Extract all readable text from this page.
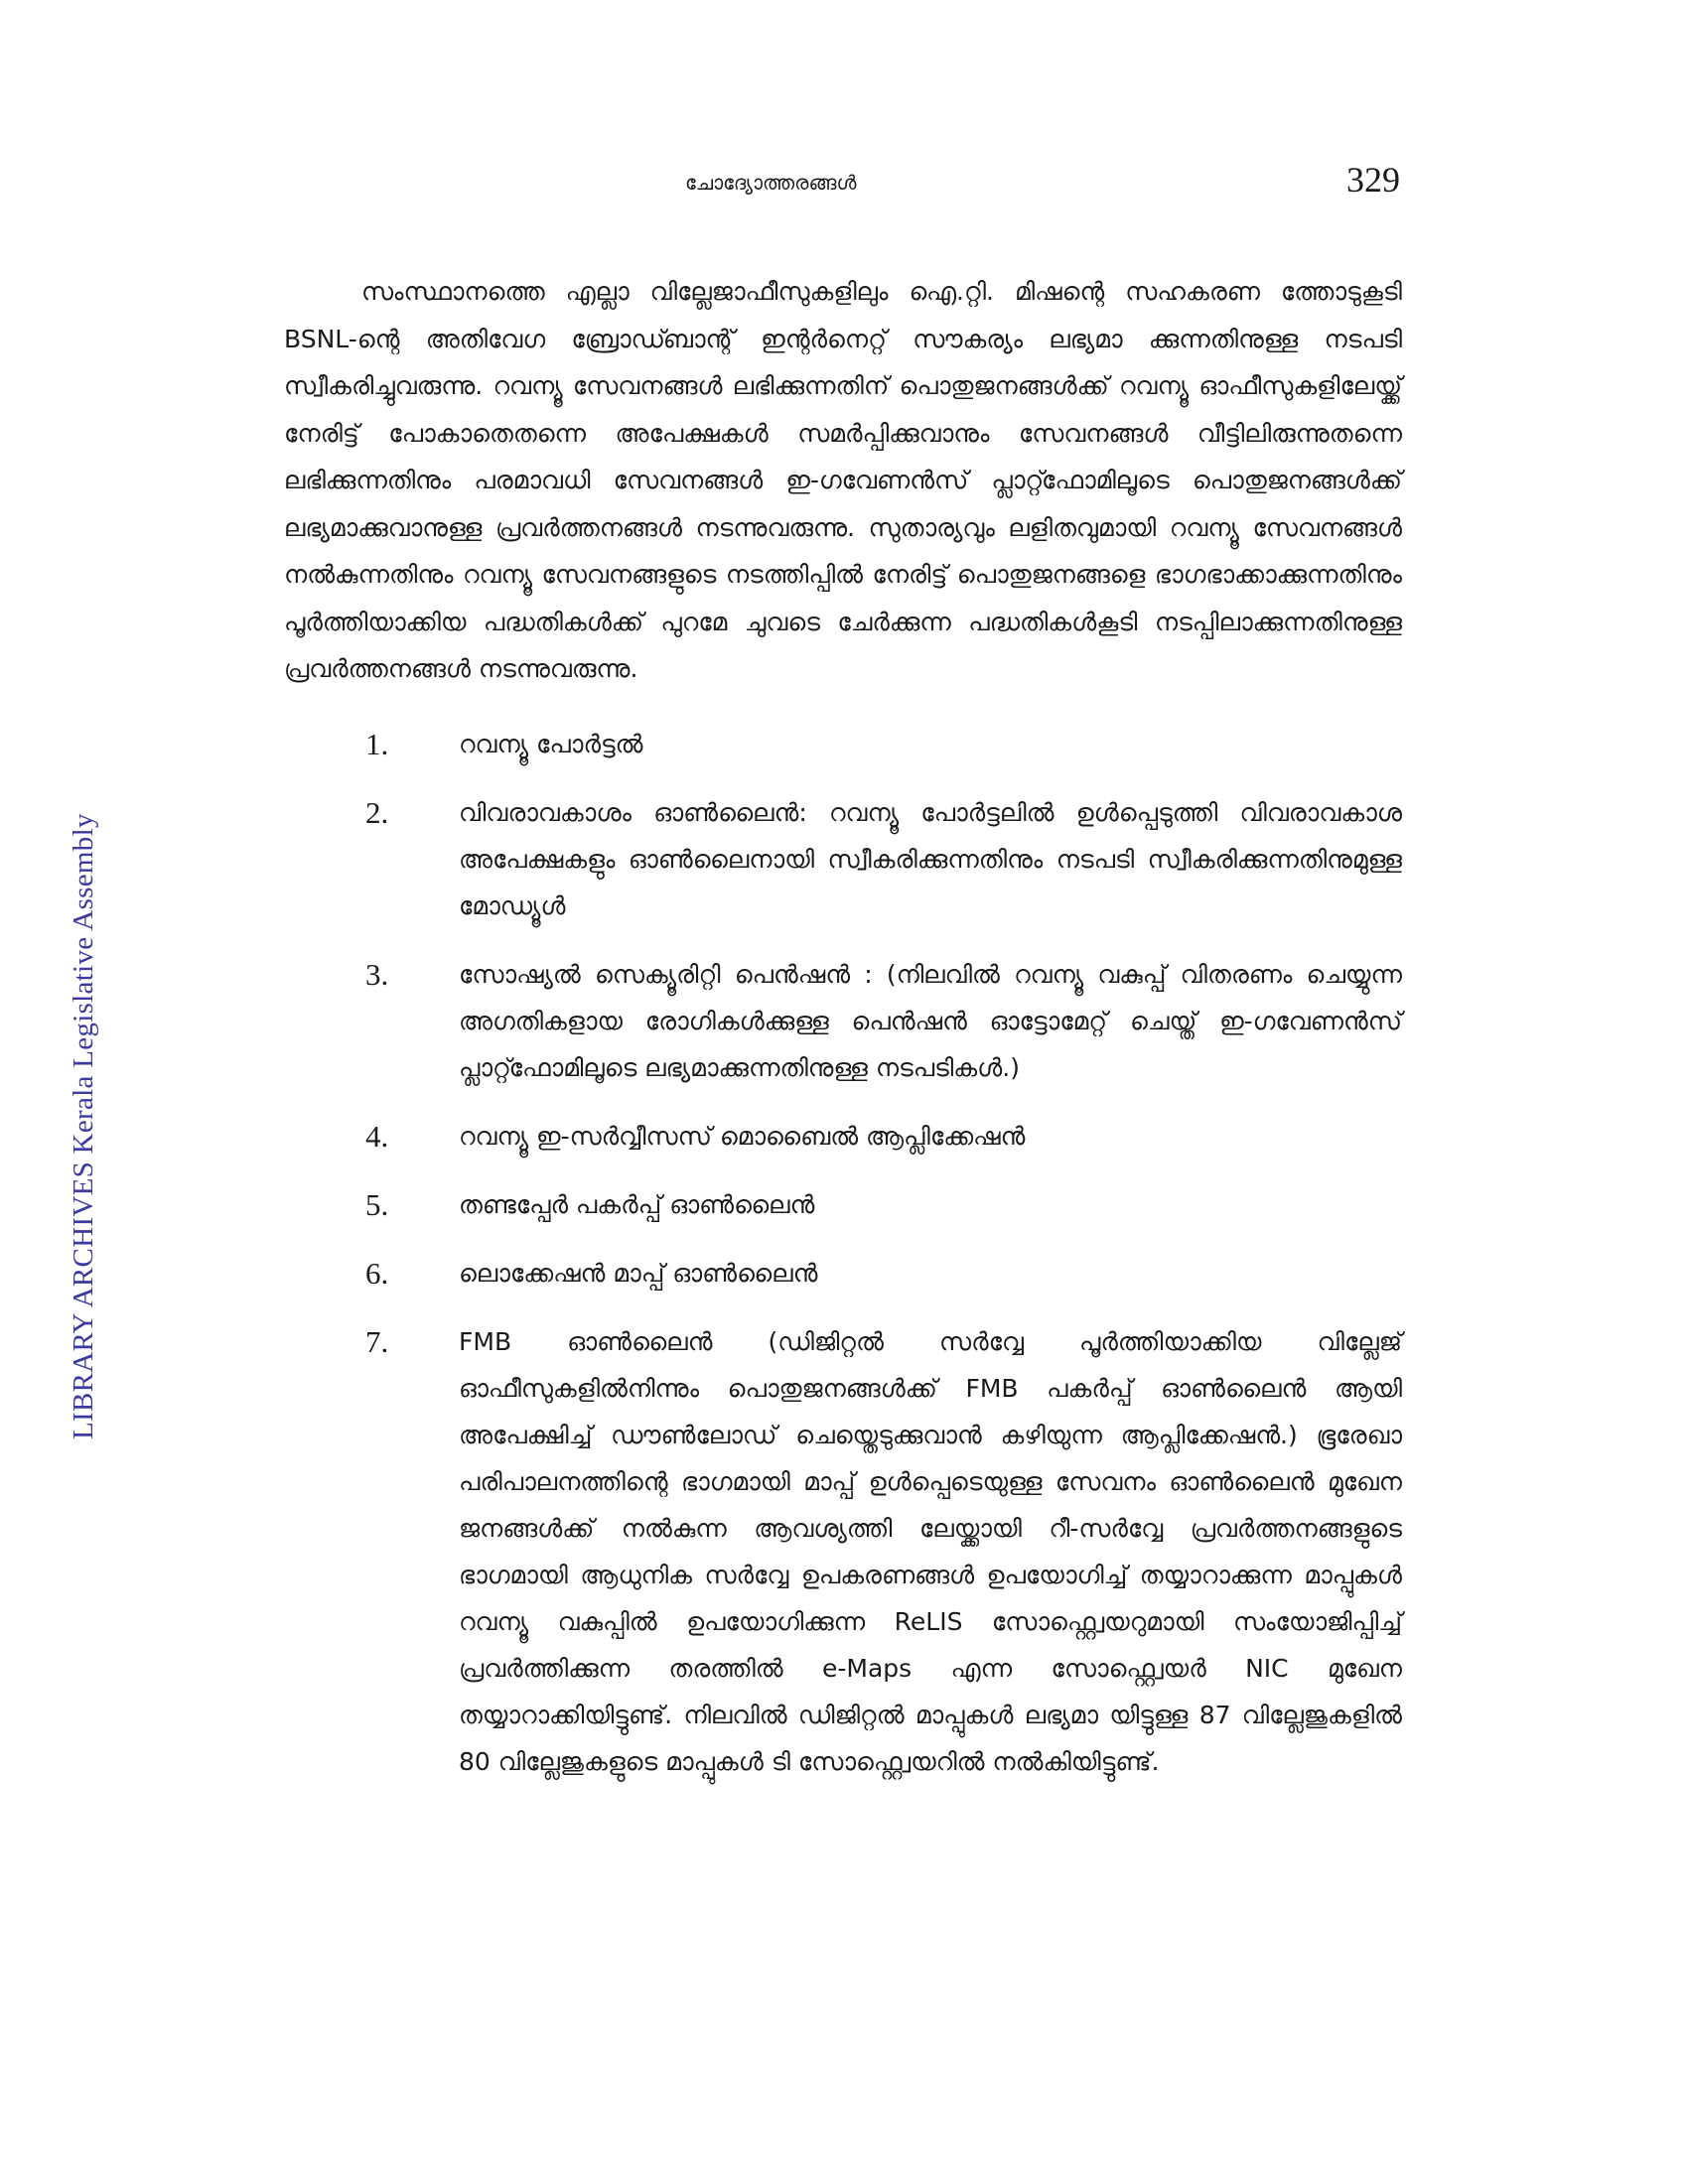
LIBRARY ARCHIVES Kerala Legislative Assembly
ചോദ്യോത്തരങ്ങൾ	329

സംസ്ഥാനത്തെ എല്ലാ വില്ലേജാഫീസുകളിലും ഐ.റ്റി. മിഷന്റെ സഹകരണ ത്തോടുകൂടി BSNL-ന്റെ അതിവേഗ ബ്രോഡ്ബാന്റ് ഇന്റർനെറ്റ് സൗകര്യം ലഭ്യമാ ക്കുന്നതിനുള്ള നടപടി സ്വീകരിച്ചുവരുന്നു. റവന്യൂ സേവനങ്ങൾ ലഭിക്കുന്നതിന് പൊതുജനങ്ങൾക്ക് റവന്യൂ ഓഫീസുകളിലേയ്ക്ക് നേരിട്ട് പോകാതെതന്നെ അപേക്ഷകൾ സമർപ്പിക്കുവാനും സേവനങ്ങൾ വീട്ടിലിരുന്നുതന്നെ ലഭിക്കുന്നതിനും പരമാവധി സേവനങ്ങൾ ഇ-ഗവേണൻസ് പ്ലാറ്റ്ഫോമിലൂടെ പൊതുജനങ്ങൾക്ക് ലഭ്യമാക്കുവാനുള്ള പ്രവർത്തനങ്ങൾ നടന്നുവരുന്നു. സുതാര്യവും ലളിതവുമായി റവന്യൂ സേവനങ്ങൾ നൽകുന്നതിനും റവന്യൂ സേവനങ്ങളുടെ നടത്തിപ്പിൽ നേരിട്ട് പൊതുജനങ്ങളെ ഭാഗഭാക്കാക്കുന്നതിനും പൂർത്തിയാക്കിയ പദ്ധതികൾക്ക് പുറമേ ചുവടെ ചേർക്കുന്ന പദ്ധതികൾകൂടി നടപ്പിലാക്കുന്നതിനുള്ള പ്രവർത്തനങ്ങൾ നടന്നുവരുന്നു.

1.	റവന്യൂ പോർട്ടൽ
2.	വിവരാവകാശം ഓൺലൈൻ: റവന്യൂ പോർട്ടലിൽ ഉൾപ്പെടുത്തി വിവരാവകാശ അപേക്ഷകളും ഓൺലൈനായി സ്വീകരിക്കുന്നതിനും നടപടി സ്വീകരിക്കുന്നതിനുമുള്ള മോഡ്യൂൾ
3.	സോഷ്യൽ സെക്യൂരിറ്റി പെൻഷൻ : (നിലവിൽ റവന്യൂ വകുപ്പ് വിതരണം ചെയ്യുന്ന അഗതികളായ രോഗികൾക്കുള്ള പെൻഷൻ ഓട്ടോമേറ്റ് ചെയ്ത് ഇ-ഗവേണൻസ് പ്ലാറ്റ്ഫോമിലൂടെ ലഭ്യമാക്കുന്നതിനുള്ള നടപടികൾ.)
4.	റവന്യൂ ഇ-സർവ്വീസസ് മൊബൈൽ ആപ്ലിക്കേഷൻ
5.	തണ്ടപ്പേർ പകർപ്പ് ഓൺലൈൻ
6.	ലൊക്കേഷൻ മാപ്പ് ഓൺലൈൻ
7.	FMB ഓൺലൈൻ (ഡിജിറ്റൽ സർവ്വേ പൂർത്തിയാക്കിയ വില്ലേജ് ഓഫീസുകളിൽനിന്നും പൊതുജനങ്ങൾക്ക് FMB പകർപ്പ് ഓൺലൈൻ ആയി അപേക്ഷിച്ച് ഡൗൺലോഡ് ചെയ്തെടുക്കുവാൻ കഴിയുന്ന ആപ്ലിക്കേഷൻ.) ഭൂരേഖാ പരിപാലനത്തിന്റെ ഭാഗമായി മാപ്പ് ഉൾപ്പെടെയുള്ള സേവനം ഓൺലൈൻ മുഖേന ജനങ്ങൾക്ക് നൽകുന്ന ആവശ്യത്തി ലേയ്ക്കായി റീ-സർവ്വേ പ്രവർത്തനങ്ങളുടെ ഭാഗമായി ആധുനിക സർവ്വേ ഉപകരണങ്ങൾ ഉപയോഗിച്ച് തയ്യാറാക്കുന്ന മാപ്പുകൾ റവന്യൂ വകുപ്പിൽ ഉപയോഗിക്കുന്ന ReLIS സോഫ്റ്റ്വെയറുമായി സംയോജിപ്പിച്ച് പ്രവർത്തിക്കുന്ന തരത്തിൽ e-Maps എന്ന സോഫ്റ്റ്വെയർ NIC മുഖേന തയ്യാറാക്കിയിട്ടുണ്ട്. നിലവിൽ ഡിജിറ്റൽ മാപ്പുകൾ ലഭ്യമാ യിട്ടുള്ള 87 വില്ലേജുകളിൽ 80 വില്ലേജുകളുടെ മാപ്പുകൾ ടി സോഫ്റ്റ്വെയറിൽ നൽകിയിട്ടുണ്ട്.
